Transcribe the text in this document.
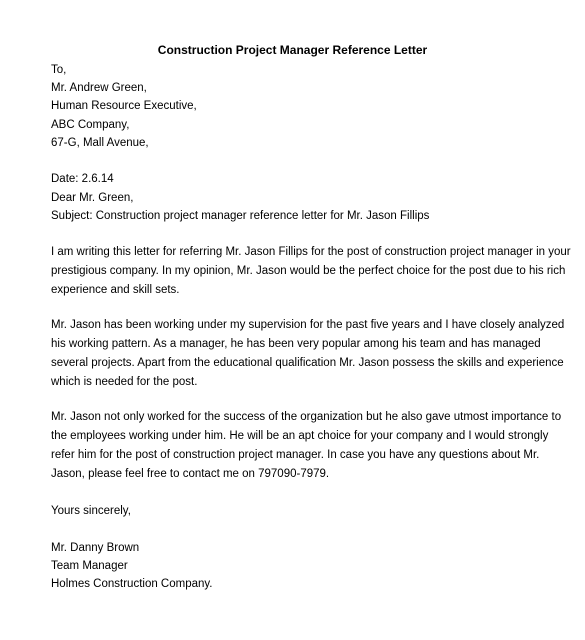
Construction Project Manager Reference Letter
To,
Mr. Andrew Green,
Human Resource Executive,
ABC Company,
67-G, Mall Avenue,
Date: 2.6.14
Dear Mr. Green,
Subject: Construction project manager reference letter for Mr. Jason Fillips
I am writing this letter for referring Mr. Jason Fillips for the post of construction project manager in your
prestigious company. In my opinion, Mr. Jason would be the perfect choice for the post due to his rich
experience and skill sets.
Mr. Jason has been working under my supervision for the past five years and I have closely analyzed
his working pattern. As a manager, he has been very popular among his team and has managed
several projects. Apart from the educational qualification Mr. Jason possess the skills and experience
which is needed for the post.
Mr. Jason not only worked for the success of the organization but he also gave utmost importance to
the employees working under him. He will be an apt choice for your company and I would strongly
refer him for the post of construction project manager. In case you have any questions about Mr.
Jason, please feel free to contact me on 797090-7979.
Yours sincerely,
Mr. Danny Brown
Team Manager
Holmes Construction Company.
